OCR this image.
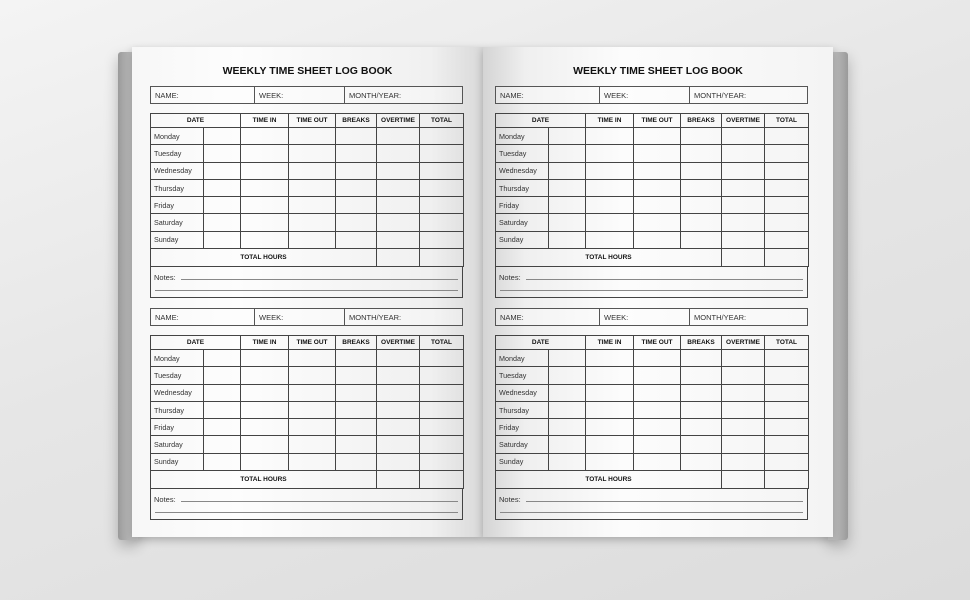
WEEKLY TIME SHEET LOG BOOK
NAME:	WEEK:	MONTH/YEAR:
DATE		TIME IN	TIME OUT	BREAKS	OVERTIME	TOTAL
Monday						
Tuesday						
Wednesday						
Thursday						
Friday						
Saturday						
Sunday						
TOTAL HOURS						
Notes:
NAME:	WEEK:	MONTH/YEAR:
DATE		TIME IN	TIME OUT	BREAKS	OVERTIME	TOTAL
Monday						
Tuesday						
Wednesday						
Thursday						
Friday						
Saturday						
Sunday						
TOTAL HOURS						
Notes:
WEEKLY TIME SHEET LOG BOOK
NAME:	WEEK:	MONTH/YEAR:
DATE		TIME IN	TIME OUT	BREAKS	OVERTIME	TOTAL
Monday						
Tuesday						
Wednesday						
Thursday						
Friday						
Saturday						
Sunday						
TOTAL HOURS						
Notes:
NAME:	WEEK:	MONTH/YEAR:
DATE		TIME IN	TIME OUT	BREAKS	OVERTIME	TOTAL
Monday						
Tuesday						
Wednesday						
Thursday						
Friday						
Saturday						
Sunday						
TOTAL HOURS						
Notes:
